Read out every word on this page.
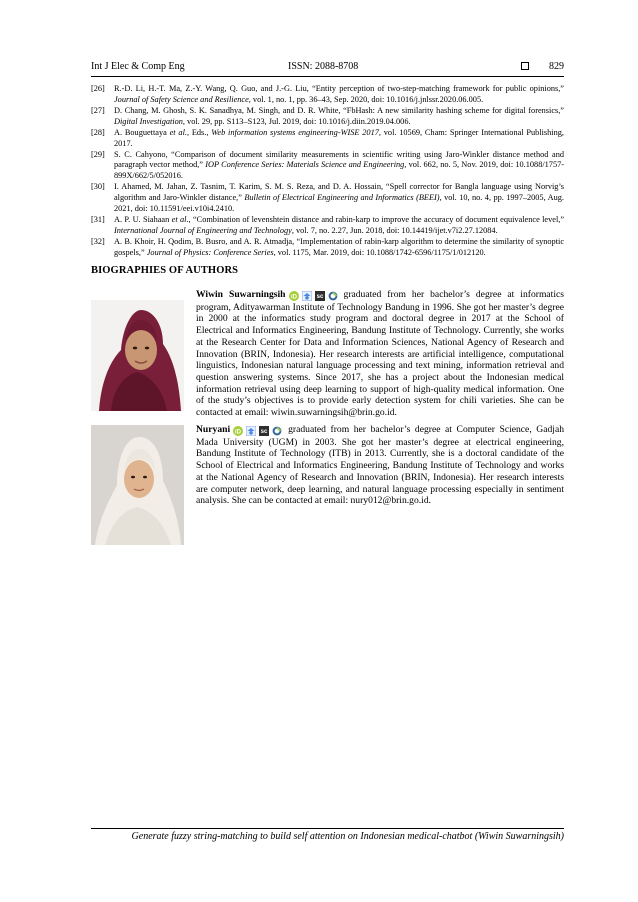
Int J Elec & Comp Eng	ISSN: 2088-8708	829
[26]	R.-D. Li, H.-T. Ma, Z.-Y. Wang, Q. Guo, and J.-G. Liu, “Entity perception of two-step-matching framework for public opinions,” Journal of Safety Science and Resilience, vol. 1, no. 1, pp. 36–43, Sep. 2020, doi: 10.1016/j.jnlssr.2020.06.005.
[27]	D. Chang, M. Ghosh, S. K. Sanadhya, M. Singh, and D. R. White, “FbHash: A new similarity hashing scheme for digital forensics,” Digital Investigation, vol. 29, pp. S113–S123, Jul. 2019, doi: 10.1016/j.diin.2019.04.006.
[28]	A. Bouguettaya et al., Eds., Web information systems engineering-WISE 2017, vol. 10569, Cham: Springer International Publishing, 2017.
[29]	S. C. Cahyono, “Comparison of document similarity measurements in scientific writing using Jaro-Winkler distance method and paragraph vector method,” IOP Conference Series: Materials Science and Engineering, vol. 662, no. 5, Nov. 2019, doi: 10.1088/1757-899X/662/5/052016.
[30]	I. Ahamed, M. Jahan, Z. Tasnim, T. Karim, S. M. S. Reza, and D. A. Hossain, “Spell corrector for Bangla language using Norvig’s algorithm and Jaro-Winkler distance,” Bulletin of Electrical Engineering and Informatics (BEEI), vol. 10, no. 4, pp. 1997–2005, Aug. 2021, doi: 10.11591/eei.v10i4.2410.
[31]	A. P. U. Siahaan et al., “Combination of levenshtein distance and rabin-karp to improve the accuracy of document equivalence level,” International Journal of Engineering and Technology, vol. 7, no. 2.27, Jun. 2018, doi: 10.14419/ijet.v7i2.27.12084.
[32]	A. B. Khoir, H. Qodim, B. Busro, and A. R. Atmadja, “Implementation of rabin-karp algorithm to determine the similarity of synoptic gospels,” Journal of Physics: Conference Series, vol. 1175, Mar. 2019, doi: 10.1088/1742-6596/1175/1/012120.
BIOGRAPHIES OF AUTHORS
Wiwin Suwarningsih iD	sc graduated from her bachelor’s degree at informatics program, Adityawarman Institute of Technology Bandung in 1996. She got her master’s degree in 2000 at the informatics study program and doctoral degree in 2017 at the School of Electrical and Informatics Engineering, Bandung Institute of Technology. Currently, she works at the Research Center for Data and Information Sciences, National Agency of Research and Innovation (BRIN, Indonesia). Her research interests are artificial intelligence, computational linguistics, Indonesian natural language processing and text mining, information retrieval and question answering systems. Since 2017, she has a project about the Indonesian medical information retrieval using deep learning to support of high-quality medical information. One of the study’s objectives is to provide early detection system for chili varieties. She can be contacted at email: wiwin.suwarningsih@brin.go.id.
Nuryani iD	sc graduated from her bachelor’s degree at Computer Science, Gadjah Mada University (UGM) in 2003. She got her master’s degree at electrical engineering, Bandung Institute of Technology (ITB) in 2013. Currently, she is a doctoral candidate of the School of Electrical and Informatics Engineering, Bandung Institute of Technology and works at the National Agency of Research and Innovation (BRIN, Indonesia). Her research interests are computer network, deep learning, and natural language processing especially in sentiment analysis. She can be contacted at email: nury012@brin.go.id.
Generate fuzzy string-matching to build self attention on Indonesian medical-chatbot (Wiwin Suwarningsih)
